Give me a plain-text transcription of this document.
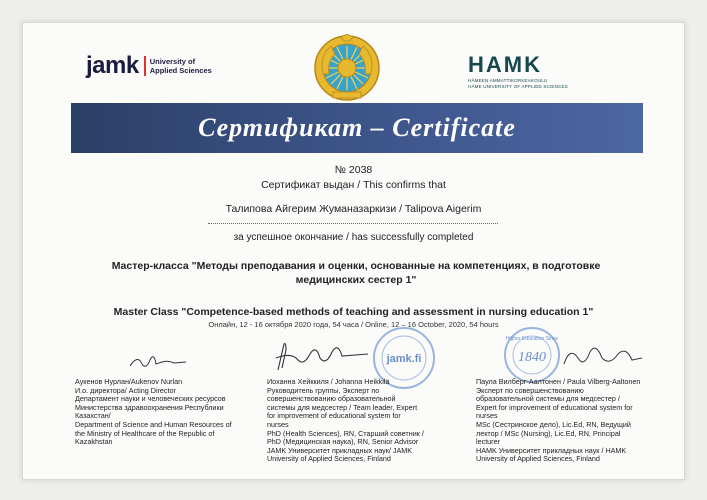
jamk University of
Applied Sciences	HAMK
HÄMEEN AMMATTIKORKEAKOULU
HÄME UNIVERSITY OF APPLIED SCIENCES
Сертификат – Certificate
№ 2038
Сертификат выдан / This confirms that
Талипова Айгерим Жуманазаркизи / Talipova Aigerim
за успешное окончание / has successfully completed
Мастер-класса "Методы преподавания и оценки, основанные на компетенциях, в подготовке медицинских сестер 1"
Master Class "Competence-based methods of teaching and assessment in nursing education 1"
Онлайн, 12 - 16 октября 2020 года, 54 часа / Online, 12 – 16 October, 2020, 54 hours
jamk.fi
Higher Education Since
1840
Аукенов Нурлан/Aukenov Nurlan
И.о. директора/ Acting Director
Департамент науки и человеческих ресурсов
Министерства здравоохранения Республики
Казахстан/
Department of Science and Human Resources of
the Ministry of Healthcare of the Republic of
Kazakhstan
Иоханна Хейккиля / Johanna Heikkilä
Руководитель группы, Эксперт по
совершенствованию образовательной
системы для медсестер / Team leader, Expert
for improvement of educational system for
nurses
PhD (Health Sciences), RN, Старший советник /
PhD (Медицинская наука), RN, Senior Advisor
JAMK Университет прикладных наук/ JAMK
University of Applied Sciences, Finland
Паула Вилберг-Аалтонен / Paula Vilberg-Aaltonen
Эксперт по совершенствованию
образовательной системы для медсестер /
Expert for improvement of educational system for
nurses
MSc (Сестринское дело), Lic.Ed, RN, Ведущий
лектор / MSc (Nursing), Lic.Ed, RN, Principal
lecturer
HAMK Университет прикладных наук / HAMK
University of Applied Sciences, Finland
